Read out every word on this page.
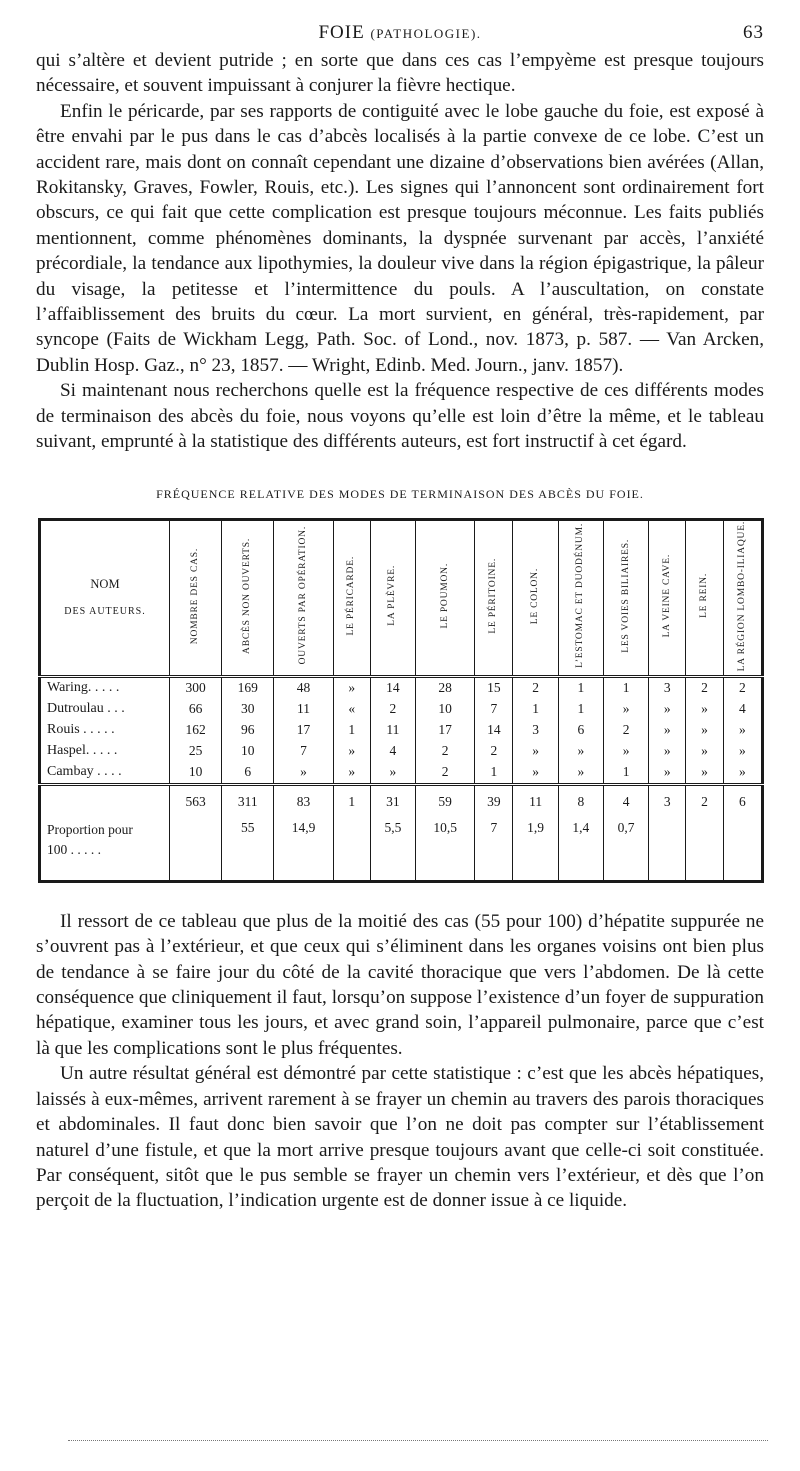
FOIE (PATHOLOGIE).	63

qui s’altère et devient putride ; en sorte que dans ces cas l’empyème est presque toujours nécessaire, et souvent impuissant à conjurer la fièvre hectique.

Enfin le péricarde, par ses rapports de contiguité avec le lobe gauche du foie, est exposé à être envahi par le pus dans le cas d’abcès localisés à la partie convexe de ce lobe. C’est un accident rare, mais dont on connaît cependant une dizaine d’observations bien avérées (Allan, Rokitansky, Graves, Fowler, Rouis, etc.). Les signes qui l’annoncent sont ordinairement fort obscurs, ce qui fait que cette complication est presque toujours méconnue. Les faits publiés mentionnent, comme phénomènes dominants, la dyspnée survenant par accès, l’anxiété précordiale, la tendance aux lipothymies, la douleur vive dans la région épigastrique, la pâleur du visage, la petitesse et l’intermittence du pouls. A l’auscultation, on constate l’affaiblissement des bruits du cœur. La mort survient, en général, très-rapidement, par syncope (Faits de Wickham Legg, Path. Soc. of Lond., nov. 1873, p. 587. — Van Arcken, Dublin Hosp. Gaz., n° 23, 1857. — Wright, Edinb. Med. Journ., janv. 1857).

Si maintenant nous recherchons quelle est la fréquence respective de ces différents modes de terminaison des abcès du foie, nous voyons qu’elle est loin d’être la même, et le tableau suivant, emprunté à la statistique des différents auteurs, est fort instructif à cet égard.

FRÉQUENCE RELATIVE DES MODES DE TERMINAISON DES ABCÈS DU FOIE.
NOM
DES AUTEURS.	NOMBRE DES CAS.	ABCÈS NON OUVERTS.	OUVERTS PAR OPÉRATION.	LE PÉRICARDE.	LA PLÈVRE.	LE POUMON.	LE PÉRITOINE.	LE COLON.	L’ESTOMAC ET DUODÉNUM.	LES VOIES BILIAIRES.	LA VEINE CAVE.	LE REIN.	LA RÉGION LOMBO-ILIAQUE.
Waring. . . . .	300	169	48	»	14	28	15	2	1	1	3	2	2
Dutroulau . . .	66	30	11	«	2	10	7	1	1	»	»	»	4
Rouis . . . . .	162	96	17	1	11	17	14	3	6	2	»	»	»
Haspel. . . . .	25	10	7	»	4	2	2	»	»	»	»	»	»
Cambay . . . .	10	6	»	»	»	2	1	»	»	1	»	»	»
	563	311	83	1	31	59	39	11	8	4	3	2	6

Proportion pour
100 . . . . .		55	14,9		5,5	10,5	7	1,9	1,4	0,7			

Il ressort de ce tableau que plus de la moitié des cas (55 pour 100) d’hépatite suppurée ne s’ouvrent pas à l’extérieur, et que ceux qui s’éliminent dans les organes voisins ont bien plus de tendance à se faire jour du côté de la cavité thoracique que vers l’abdomen. De là cette conséquence que cliniquement il faut, lorsqu’on suppose l’existence d’un foyer de suppuration hépatique, examiner tous les jours, et avec grand soin, l’appareil pulmonaire, parce que c’est là que les complications sont le plus fréquentes.

Un autre résultat général est démontré par cette statistique : c’est que les abcès hépatiques, laissés à eux-mêmes, arrivent rarement à se frayer un chemin au travers des parois thoraciques et abdominales. Il faut donc bien savoir que l’on ne doit pas compter sur l’établissement naturel d’une fistule, et que la mort arrive presque toujours avant que celle-ci soit constituée. Par conséquent, sitôt que le pus semble se frayer un chemin vers l’extérieur, et dès que l’on perçoit de la fluctuation, l’indication urgente est de donner issue à ce liquide.
